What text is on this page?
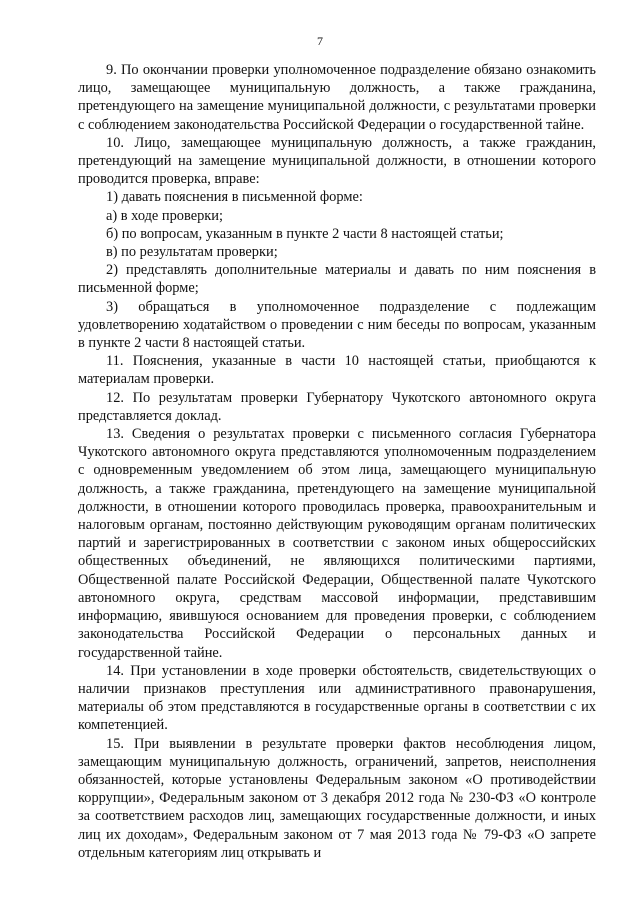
7

9. По окончании проверки уполномоченное подразделение обязано ознакомить лицо, замещающее муниципальную должность, а также гражданина, претендующего на замещение муниципальной должности, с результатами проверки с соблюдением законодательства Российской Федерации о государственной тайне.

10. Лицо, замещающее муниципальную должность, а также гражданин, претендующий на замещение муниципальной должности, в отношении которого проводится проверка, вправе:

1) давать пояснения в письменной форме:

а) в ходе проверки;

б) по вопросам, указанным в пункте 2 части 8 настоящей статьи;

в) по результатам проверки;

2) представлять дополнительные материалы и давать по ним пояснения в письменной форме;

3) обращаться в уполномоченное подразделение с подлежащим удовлетворению ходатайством о проведении с ним беседы по вопросам, указанным в пункте 2 части 8 настоящей статьи.

11. Пояснения, указанные в части 10 настоящей статьи, приобщаются к материалам проверки.

12. По результатам проверки Губернатору Чукотского автономного округа представляется доклад.

13. Сведения о результатах проверки с письменного согласия Губернатора Чукотского автономного округа представляются уполномоченным подразделением с одновременным уведомлением об этом лица, замещающего муниципальную должность, а также гражданина, претендующего на замещение муниципальной должности, в отношении которого проводилась проверка, правоохранительным и налоговым органам, постоянно действующим руководящим органам политических партий и зарегистрированных в соответствии с законом иных общероссийских общественных объединений, не являющихся политическими партиями, Общественной палате Российской Федерации, Общественной палате Чукотского автономного округа, средствам массовой информации, представившим информацию, явившуюся основанием для проведения проверки, с соблюдением законодательства Российской Федерации о персональных данных и государственной тайне.

14. При установлении в ходе проверки обстоятельств, свидетельствующих о наличии признаков преступления или административного правонарушения, материалы об этом представляются в государственные органы в соответствии с их компетенцией.

15. При выявлении в результате проверки фактов несоблюдения лицом, замещающим муниципальную должность, ограничений, запретов, неисполнения обязанностей, которые установлены Федеральным законом «О противодействии коррупции», Федеральным законом от 3 декабря 2012 года № 230-ФЗ «О контроле за соответствием расходов лиц, замещающих государственные должности, и иных лиц их доходам», Федеральным законом от 7 мая 2013 года № 79-ФЗ «О запрете отдельным категориям лиц открывать и
